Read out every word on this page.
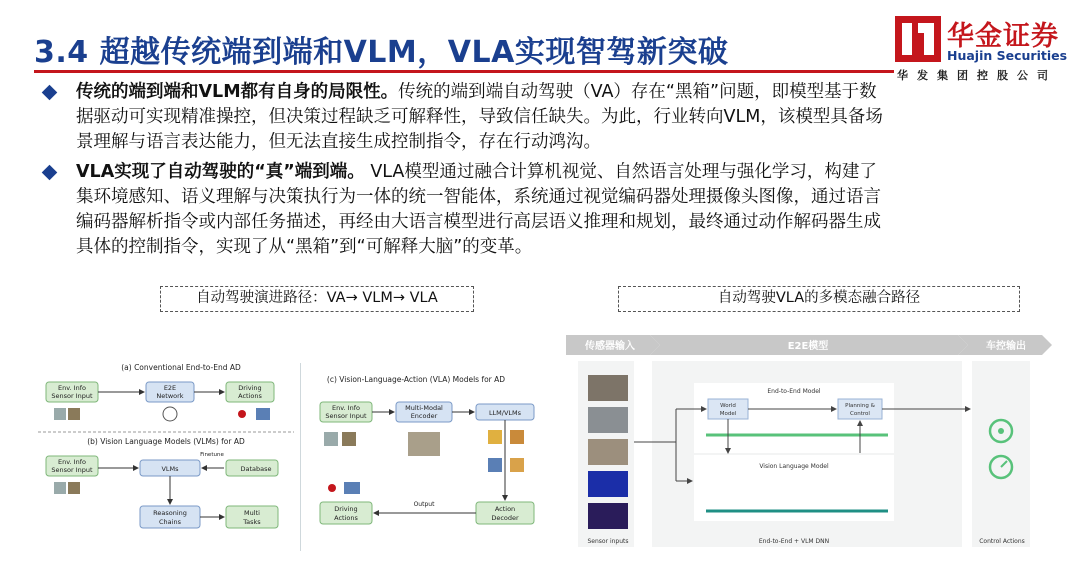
3.4 超越传统端到端和VLM，VLA实现智驾新突破	华金证券
Huajin Securities
华发集团控股公司
传统的端到端和VLM都有自身的局限性。传统的端到端自动驾驶（VA）存在“黑箱”问题，即模型基于数
据驱动可实现精准操控，但决策过程缺乏可解释性，导致信任缺失。为此，行业转向VLM，该模型具备场
景理解与语言表达能力，但无法直接生成控制指令，存在行动鸿沟。
VLA实现了自动驾驶的“真”端到端。 VLA模型通过融合计算机视觉、自然语言处理与强化学习，构建了
集环境感知、语义理解与决策执行为一体的统一智能体，系统通过视觉编码器处理摄像头图像，通过语言
编码器解析指令或内部任务描述，再经由大语言模型进行高层语义推理和规划，最终通过动作解码器生成
具体的控制指令，实现了从“黑箱”到“可解释大脑”的变革。
自动驾驶演进路径：VA→ VLM→ VLA	自动驾驶VLA的多模态融合路径
(a) Conventional End-to-End AD
Env. Info
Sensor Input
E2E
Network
Driving
Actions
(b) Vision Language Models (VLMs) for AD
Env. Info
Sensor Input	VLMs	Database
Finetune
Reasoning
Chains
Multi
Tasks
(c) Vision-Language-Action (VLA) Models for AD
Env. Info
Sensor Input
Multi-Modal
Encoder	LLM/VLMs
Driving
Actions
Action
Decoder
Output
传感器输入	E2E模型	车控输出
End-to-End Model
World
Model
Planning &
Control
Vision Language Model
Sensor inputs	End-to-End + VLM DNN	Control Actions
